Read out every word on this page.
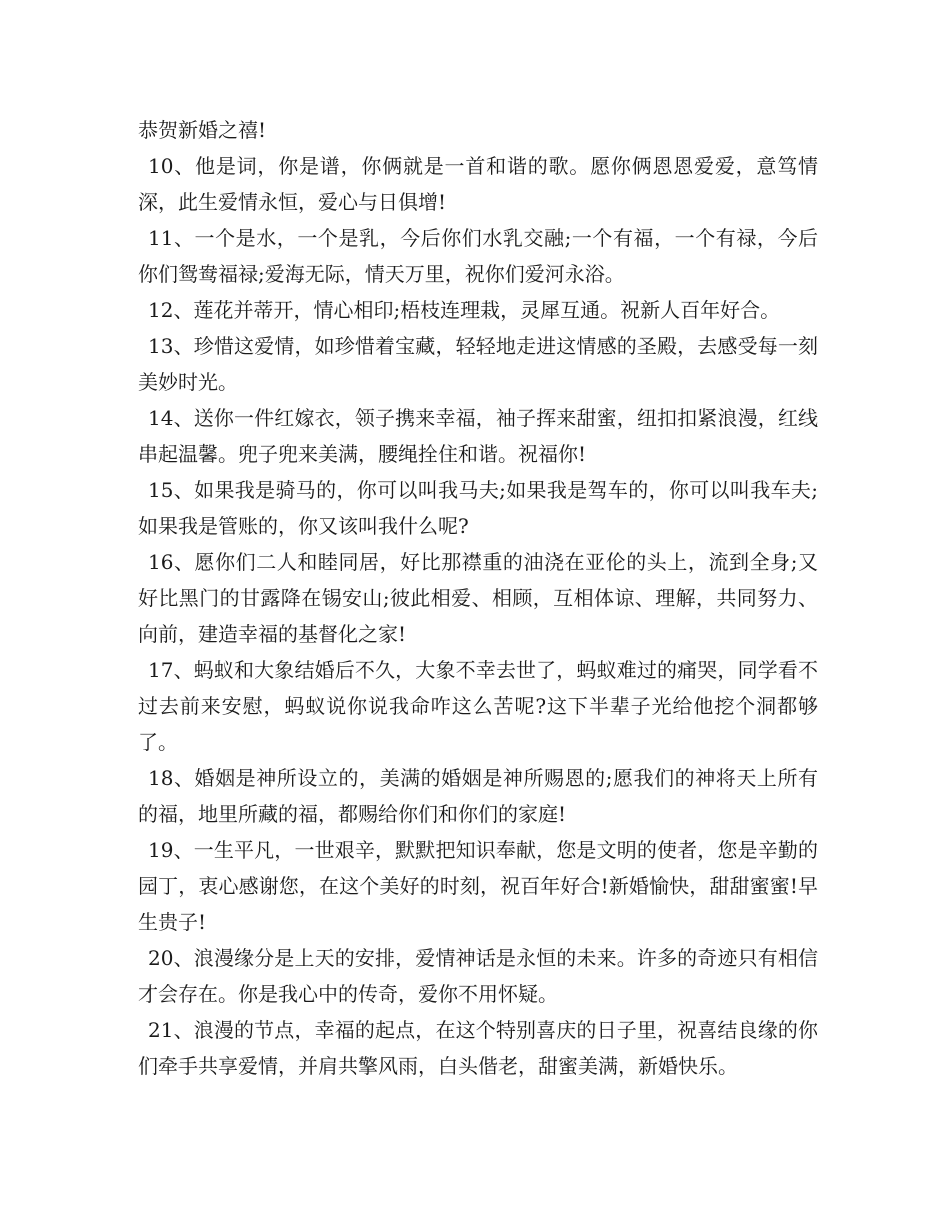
恭贺新婚之禧!

10、他是词，你是谱，你俩就是一首和谐的歌。愿你俩恩恩爱爱，意笃情深，此生爱情永恒，爱心与日俱增!

11、一个是水，一个是乳，今后你们水乳交融;一个有福，一个有禄，今后你们鸳鸯福禄;爱海无际，情天万里，祝你们爱河永浴。

12、莲花并蒂开，情心相印;梧枝连理栽，灵犀互通。祝新人百年好合。

13、珍惜这爱情，如珍惜着宝藏，轻轻地走进这情感的圣殿，去感受每一刻美妙时光。

14、送你一件红嫁衣，领子携来幸福，袖子挥来甜蜜，纽扣扣紧浪漫，红线串起温馨。兜子兜来美满，腰绳拴住和谐。祝福你!

15、如果我是骑马的，你可以叫我马夫;如果我是驾车的，你可以叫我车夫;如果我是管账的，你又该叫我什么呢?

16、愿你们二人和睦同居，好比那襟重的油浇在亚伦的头上，流到全身;又好比黑门的甘露降在锡安山;彼此相爱、相顾，互相体谅、理解，共同努力、向前，建造幸福的基督化之家!

17、蚂蚁和大象结婚后不久，大象不幸去世了，蚂蚁难过的痛哭，同学看不过去前来安慰，蚂蚁说你说我命咋这么苦呢?这下半辈子光给他挖个洞都够了。

18、婚姻是神所设立的，美满的婚姻是神所赐恩的;愿我们的神将天上所有的福，地里所藏的福，都赐给你们和你们的家庭!

19、一生平凡，一世艰辛，默默把知识奉献，您是文明的使者，您是辛勤的园丁，衷心感谢您，在这个美好的时刻，祝百年好合!新婚愉快，甜甜蜜蜜!早生贵子!

20、浪漫缘分是上天的安排，爱情神话是永恒的未来。许多的奇迹只有相信才会存在。你是我心中的传奇，爱你不用怀疑。

21、浪漫的节点，幸福的起点，在这个特别喜庆的日子里，祝喜结良缘的你们牵手共享爱情，并肩共擎风雨，白头偕老，甜蜜美满，新婚快乐。
